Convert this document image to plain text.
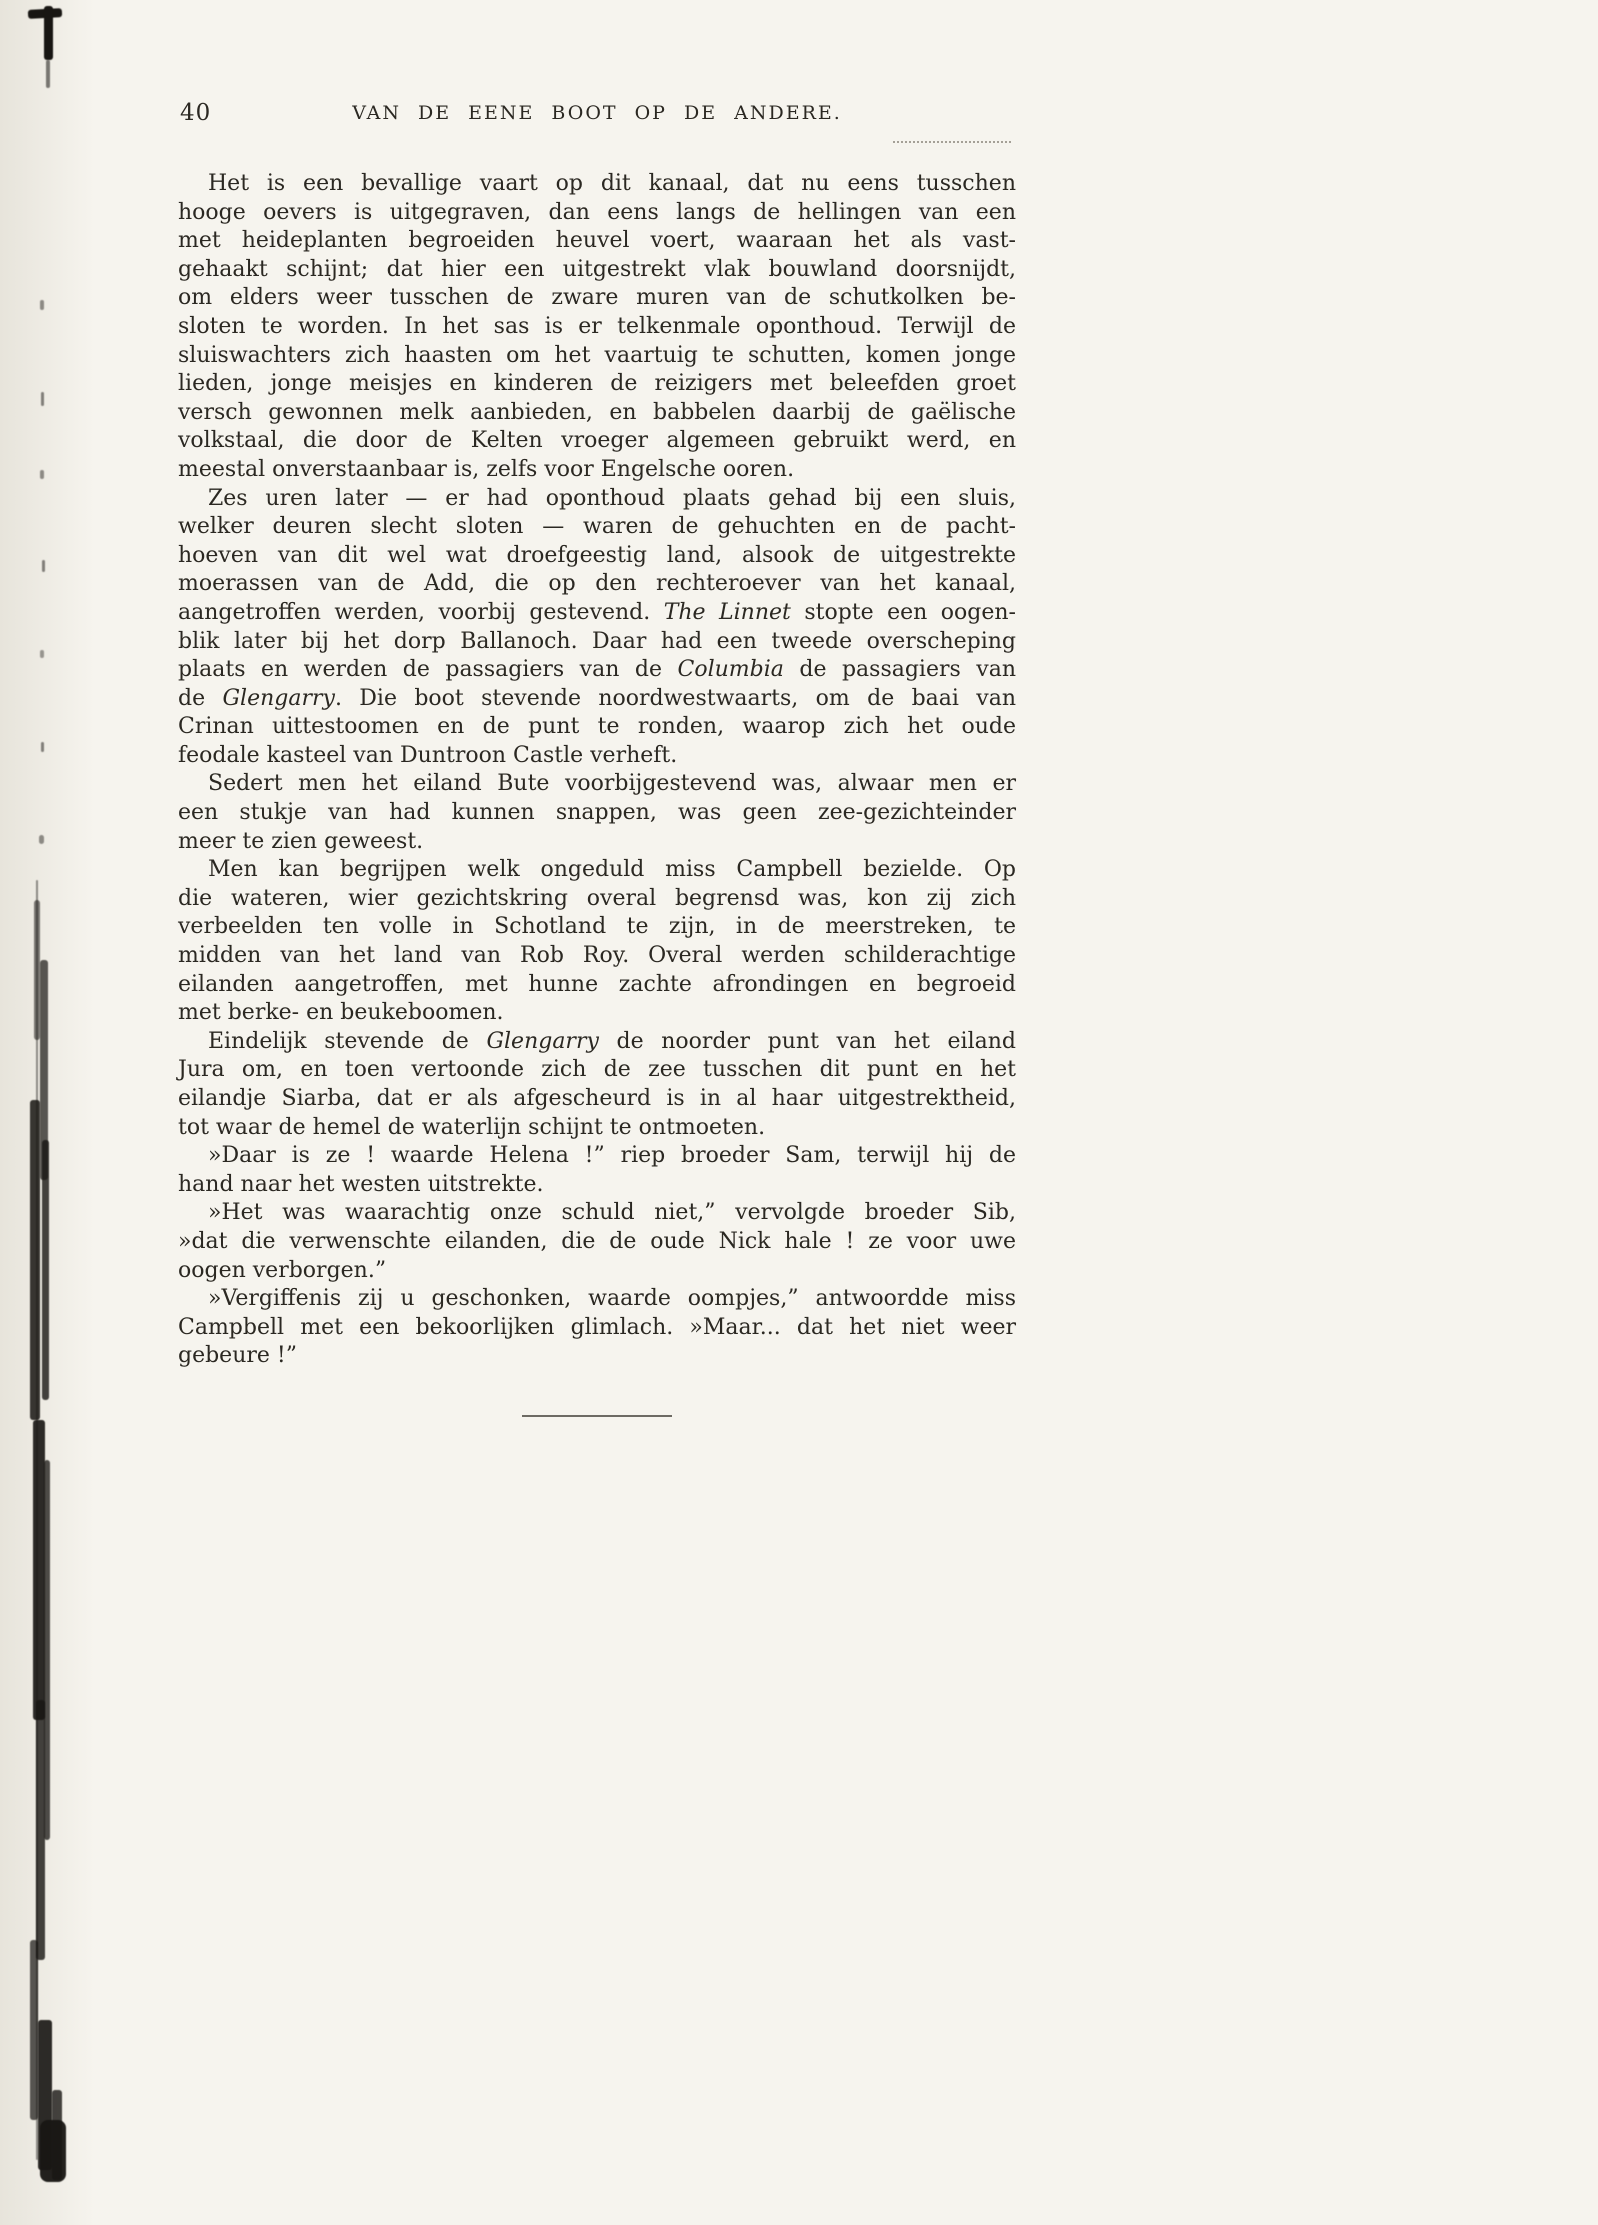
40	VAN DE EENE BOOT OP DE ANDERE.
Het is een bevallige vaart op dit kanaal, dat nu eens tusschen
hooge oevers is uitgegraven, dan eens langs de hellingen van een
met heideplanten begroeiden heuvel voert, waaraan het als vast-
gehaakt schijnt; dat hier een uitgestrekt vlak bouwland doorsnijdt,
om elders weer tusschen de zware muren van de schutkolken be-
sloten te worden. In het sas is er telkenmale oponthoud. Terwijl de
sluiswachters zich haasten om het vaartuig te schutten, komen jonge
lieden, jonge meisjes en kinderen de reizigers met beleefden groet
versch gewonnen melk aanbieden, en babbelen daarbij de gaëlische
volkstaal, die door de Kelten vroeger algemeen gebruikt werd, en
meestal onverstaanbaar is, zelfs voor Engelsche ooren.
Zes uren later — er had oponthoud plaats gehad bij een sluis,
welker deuren slecht sloten — waren de gehuchten en de pacht-
hoeven van dit wel wat droefgeestig land, alsook de uitgestrekte
moerassen van de Add, die op den rechteroever van het kanaal,
aangetroffen werden, voorbij gestevend. The Linnet stopte een oogen-
blik later bij het dorp Ballanoch. Daar had een tweede overscheping
plaats en werden de passagiers van de Columbia de passagiers van
de Glengarry. Die boot stevende noordwestwaarts, om de baai van
Crinan uittestoomen en de punt te ronden, waarop zich het oude
feodale kasteel van Duntroon Castle verheft.
Sedert men het eiland Bute voorbijgestevend was, alwaar men er
een stukje van had kunnen snappen, was geen zee-gezichteinder
meer te zien geweest.
Men kan begrijpen welk ongeduld miss Campbell bezielde. Op
die wateren, wier gezichtskring overal begrensd was, kon zij zich
verbeelden ten volle in Schotland te zijn, in de meerstreken, te
midden van het land van Rob Roy. Overal werden schilderachtige
eilanden aangetroffen, met hunne zachte afrondingen en begroeid
met berke- en beukeboomen.
Eindelijk stevende de Glengarry de noorder punt van het eiland
Jura om, en toen vertoonde zich de zee tusschen dit punt en het
eilandje Siarba, dat er als afgescheurd is in al haar uitgestrektheid,
tot waar de hemel de waterlijn schijnt te ontmoeten.
»Daar is ze ! waarde Helena !” riep broeder Sam, terwijl hij de
hand naar het westen uitstrekte.
»Het was waarachtig onze schuld niet,” vervolgde broeder Sib,
»dat die verwenschte eilanden, die de oude Nick hale ! ze voor uwe
oogen verborgen.”
»Vergiffenis zij u geschonken, waarde oompjes,” antwoordde miss
Campbell met een bekoorlijken glimlach. »Maar... dat het niet weer
gebeure !”
